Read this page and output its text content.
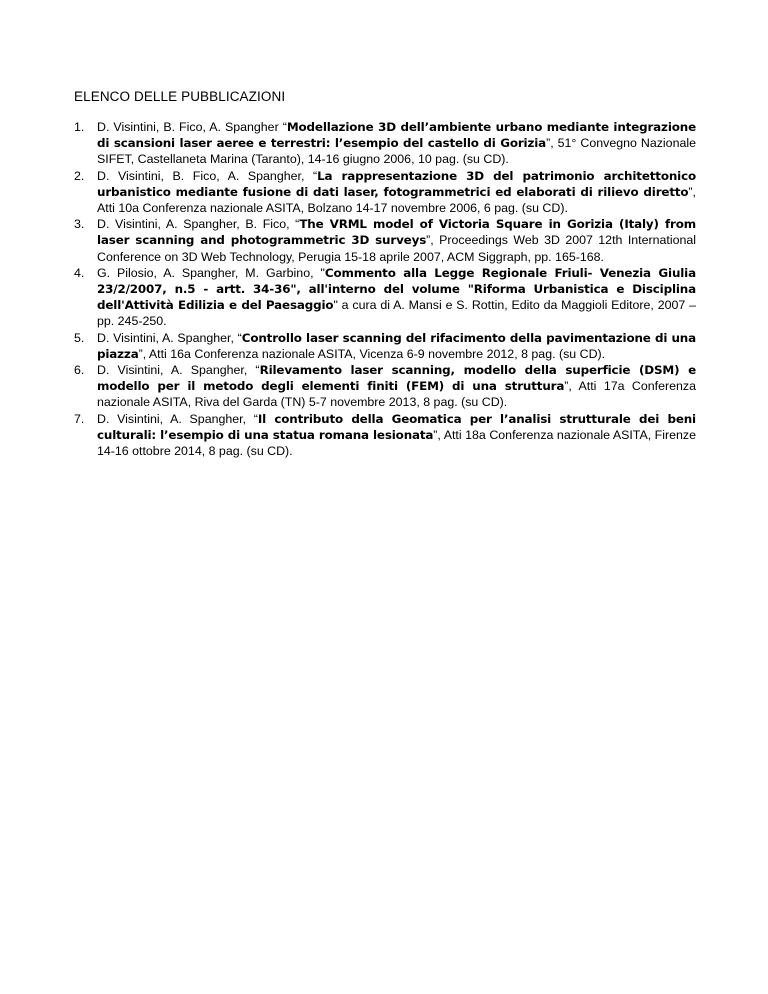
ELENCO DELLE PUBBLICAZIONI
1.	D. Visintini, B. Fico, A. Spangher “Modellazione 3D dell’ambiente urbano mediante integrazione di scansioni laser aeree e terrestri: l’esempio del castello di Gorizia”, 51° Convegno Nazionale SIFET, Castellaneta Marina (Taranto), 14-16 giugno 2006, 10 pag. (su CD).
2.	D. Visintini, B. Fico, A. Spangher, “La rappresentazione 3D del patrimonio architettonico urbanistico mediante fusione di dati laser, fotogrammetrici ed elaborati di rilievo diretto”, Atti 10a Conferenza nazionale ASITA, Bolzano 14-17 novembre 2006, 6 pag. (su CD).
3.	D. Visintini, A. Spangher, B. Fico, “The VRML model of Victoria Square in Gorizia (Italy) from laser scanning and photogrammetric 3D surveys”, Proceedings Web 3D 2007 12th International Conference on 3D Web Technology, Perugia 15-18 aprile 2007, ACM Siggraph, pp. 165-168.
4.	G. Pilosio, A. Spangher, M. Garbino, "Commento alla Legge Regionale Friuli- Venezia Giulia 23/2/2007, n.5 - artt. 34-36", all'interno del volume "Riforma Urbanistica e Disciplina dell'Attività Edilizia e del Paesaggio" a cura di A. Mansi e S. Rottin, Edito da Maggioli Editore, 2007 – pp. 245-250.
5.	D. Visintini, A. Spangher, “Controllo laser scanning del rifacimento della pavimentazione di una piazza”, Atti 16a Conferenza nazionale ASITA, Vicenza 6-9 novembre 2012, 8 pag. (su CD).
6.	D. Visintini, A. Spangher, “Rilevamento laser scanning, modello della superficie (DSM) e modello per il metodo degli elementi finiti (FEM) di una struttura”, Atti 17a Conferenza nazionale ASITA, Riva del Garda (TN) 5-7 novembre 2013, 8 pag. (su CD).
7.	D. Visintini, A. Spangher, “Il contributo della Geomatica per l’analisi strutturale dei beni culturali: l’esempio di una statua romana lesionata”, Atti 18a Conferenza nazionale ASITA, Firenze 14-16 ottobre 2014, 8 pag. (su CD).
